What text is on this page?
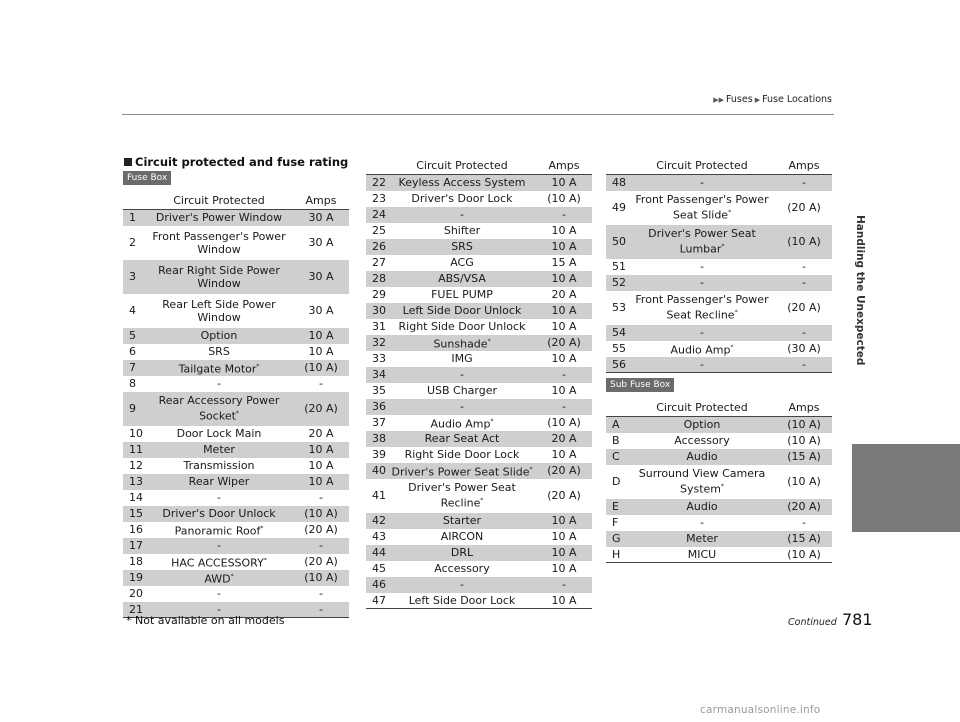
▶▶ Fuses ▶ Fuse Locations
Handling the Unexpected
Circuit protected and fuse rating
Fuse Box
Sub Fuse Box
	Circuit Protected	Amps
1	Driver's Power Window	30 A
2	Front Passenger's Power Window	30 A
3	Rear Right Side Power Window	30 A
4	Rear Left Side Power Window	30 A
5	Option	10 A
6	SRS	10 A
7	Tailgate Motor*	(10 A)
8	-	-
9	Rear Accessory Power Socket*	(20 A)
10	Door Lock Main	20 A
11	Meter	10 A
12	Transmission	10 A
13	Rear Wiper	10 A
14	-	-
15	Driver's Door Unlock	(10 A)
16	Panoramic Roof*	(20 A)
17	-	-
18	HAC ACCESSORY*	(20 A)
19	AWD*	(10 A)
20	-	-
21	-	-
	Circuit Protected	Amps
22	Keyless Access System	10 A
23	Driver's Door Lock	(10 A)
24	-	-
25	Shifter	10 A
26	SRS	10 A
27	ACG	15 A
28	ABS/VSA	10 A
29	FUEL PUMP	20 A
30	Left Side Door Unlock	10 A
31	Right Side Door Unlock	10 A
32	Sunshade*	(20 A)
33	IMG	10 A
34	-	-
35	USB Charger	10 A
36	-	-
37	Audio Amp*	(10 A)
38	Rear Seat Act	20 A
39	Right Side Door Lock	10 A
40	Driver's Power Seat Slide*	(20 A)
41	Driver's Power Seat Recline*	(20 A)
42	Starter	10 A
43	AIRCON	10 A
44	DRL	10 A
45	Accessory	10 A
46	-	-
47	Left Side Door Lock	10 A
	Circuit Protected	Amps
48	-	-
49	Front Passenger's Power Seat Slide*	(20 A)
50	Driver's Power Seat Lumbar*	(10 A)
51	-	-
52	-	-
53	Front Passenger's Power Seat Recline*	(20 A)
54	-	-
55	Audio Amp*	(30 A)
56	-	-
	Circuit Protected	Amps
A	Option	(10 A)
B	Accessory	(10 A)
C	Audio	(15 A)
D	Surround View Camera System*	(10 A)
E	Audio	(20 A)
F	-	-
G	Meter	(15 A)
H	MICU	(10 A)
* Not available on all models	Continued 781
carmanualsonline.info
